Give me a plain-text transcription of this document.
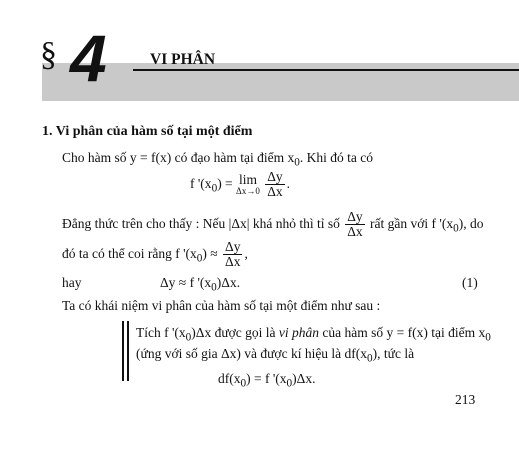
§ 4	VI PHÂN
1. Vi phân của hàm số tại một điểm
Cho hàm số y = f(x) có đạo hàm tại điểm $x_0$. Khi đó ta có
f '$(x_0) = \lim$
Δx→0
$\frac{\Delta y}{\Delta x}$ .
Đẳng thức trên cho thấy : Nếu |Δx| khá nhỏ thì tỉ số $\frac{\Delta y}{\Delta x}$ rất gần với f '$(x_0)$, do
đó ta có thể coi rằng f '$(x_0) \approx \frac{\Delta y}{\Delta x}$ ,
hay	Δy ≈ f '$(x_0)\Delta x$.	(1)
Ta có khái niệm vi phân của hàm số tại một điểm như sau :
Tích f '$(x_0)\Delta x$ được gọi là vi phân của hàm số y = f(x) tại điểm $x_0$
(ứng với số gia Δx) và được kí hiệu là $df(x_0)$, tức là
$df(x_0) = f$ '$(x_0)\Delta x$.
213
